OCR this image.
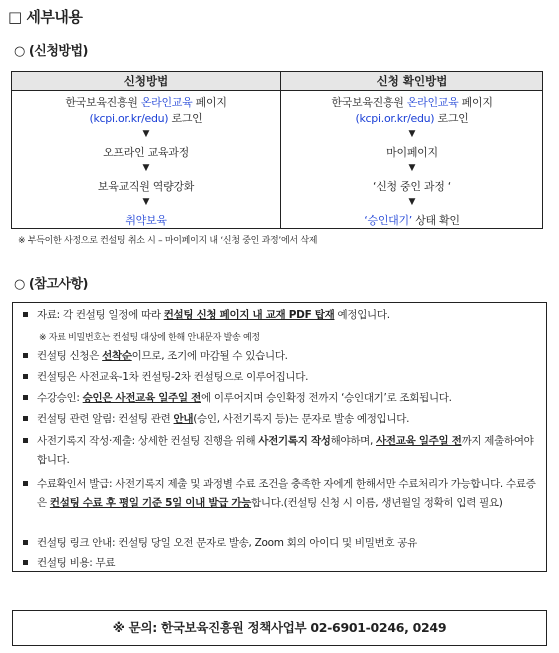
□ 세부내용
○ (신청방법)
신청방법
한국보육진흥원 온라인교육 페이지
(kcpi.or.kr/edu) 로그인
▼
오프라인 교육과정
▼
보육교직원 역량강화
▼
취약보육
신청 확인방법
한국보육진흥원 온라인교육 페이지
(kcpi.or.kr/edu) 로그인
▼
마이페이지
▼
‘신청 중인 과정 ‘
▼
‘승인대기’ 상태 확인
※ 부득이한 사정으로 컨설팅 취소 시 – 마이페이지 내 ‘신청 중인 과정’에서 삭제
○ (참고사항)
자료: 각 컨설팅 일정에 따라 컨설팅 신청 페이지 내 교재 PDF 탑재 예정입니다.
※ 자료 비밀번호는 컨설팅 대상에 한해 안내문자 발송 예정
컨설팅 신청은 선착순이므로, 조기에 마감될 수 있습니다.
컨설팅은 사전교육-1차 컨설팅-2차 컨설팅으로 이루어집니다.
수강승인: 승인은 사전교육 일주일 전에 이루어지며 승인확정 전까지 ‘승인대기’로 조회됩니다.
컨설팅 관련 알림: 컨설팅 관련 안내(승인, 사전기록지 등)는 문자로 발송 예정입니다.
사전기록지 작성·제출: 상세한 컨설팅 진행을 위해 사전기록지 작성해야하며, 사전교육 일주일 전까지 제출하여야 합니다.
수료확인서 발급: 사전기록지 제출 및 과정별 수료 조건을 충족한 자에게 한해서만 수료처리가 가능합니다. 수료증은 컨설팅 수료 후 평일 기준 5일 이내 발급 가능합니다.(컨설팅 신청 시 이름, 생년월일 정확히 입력 필요)
컨설팅 링크 안내: 컨설팅 당일 오전 문자로 발송, Zoom 회의 아이디 및 비밀번호 공유
컨설팅 비용: 무료
※ 문의: 한국보육진흥원 정책사업부 02-6901-0246, 0249
